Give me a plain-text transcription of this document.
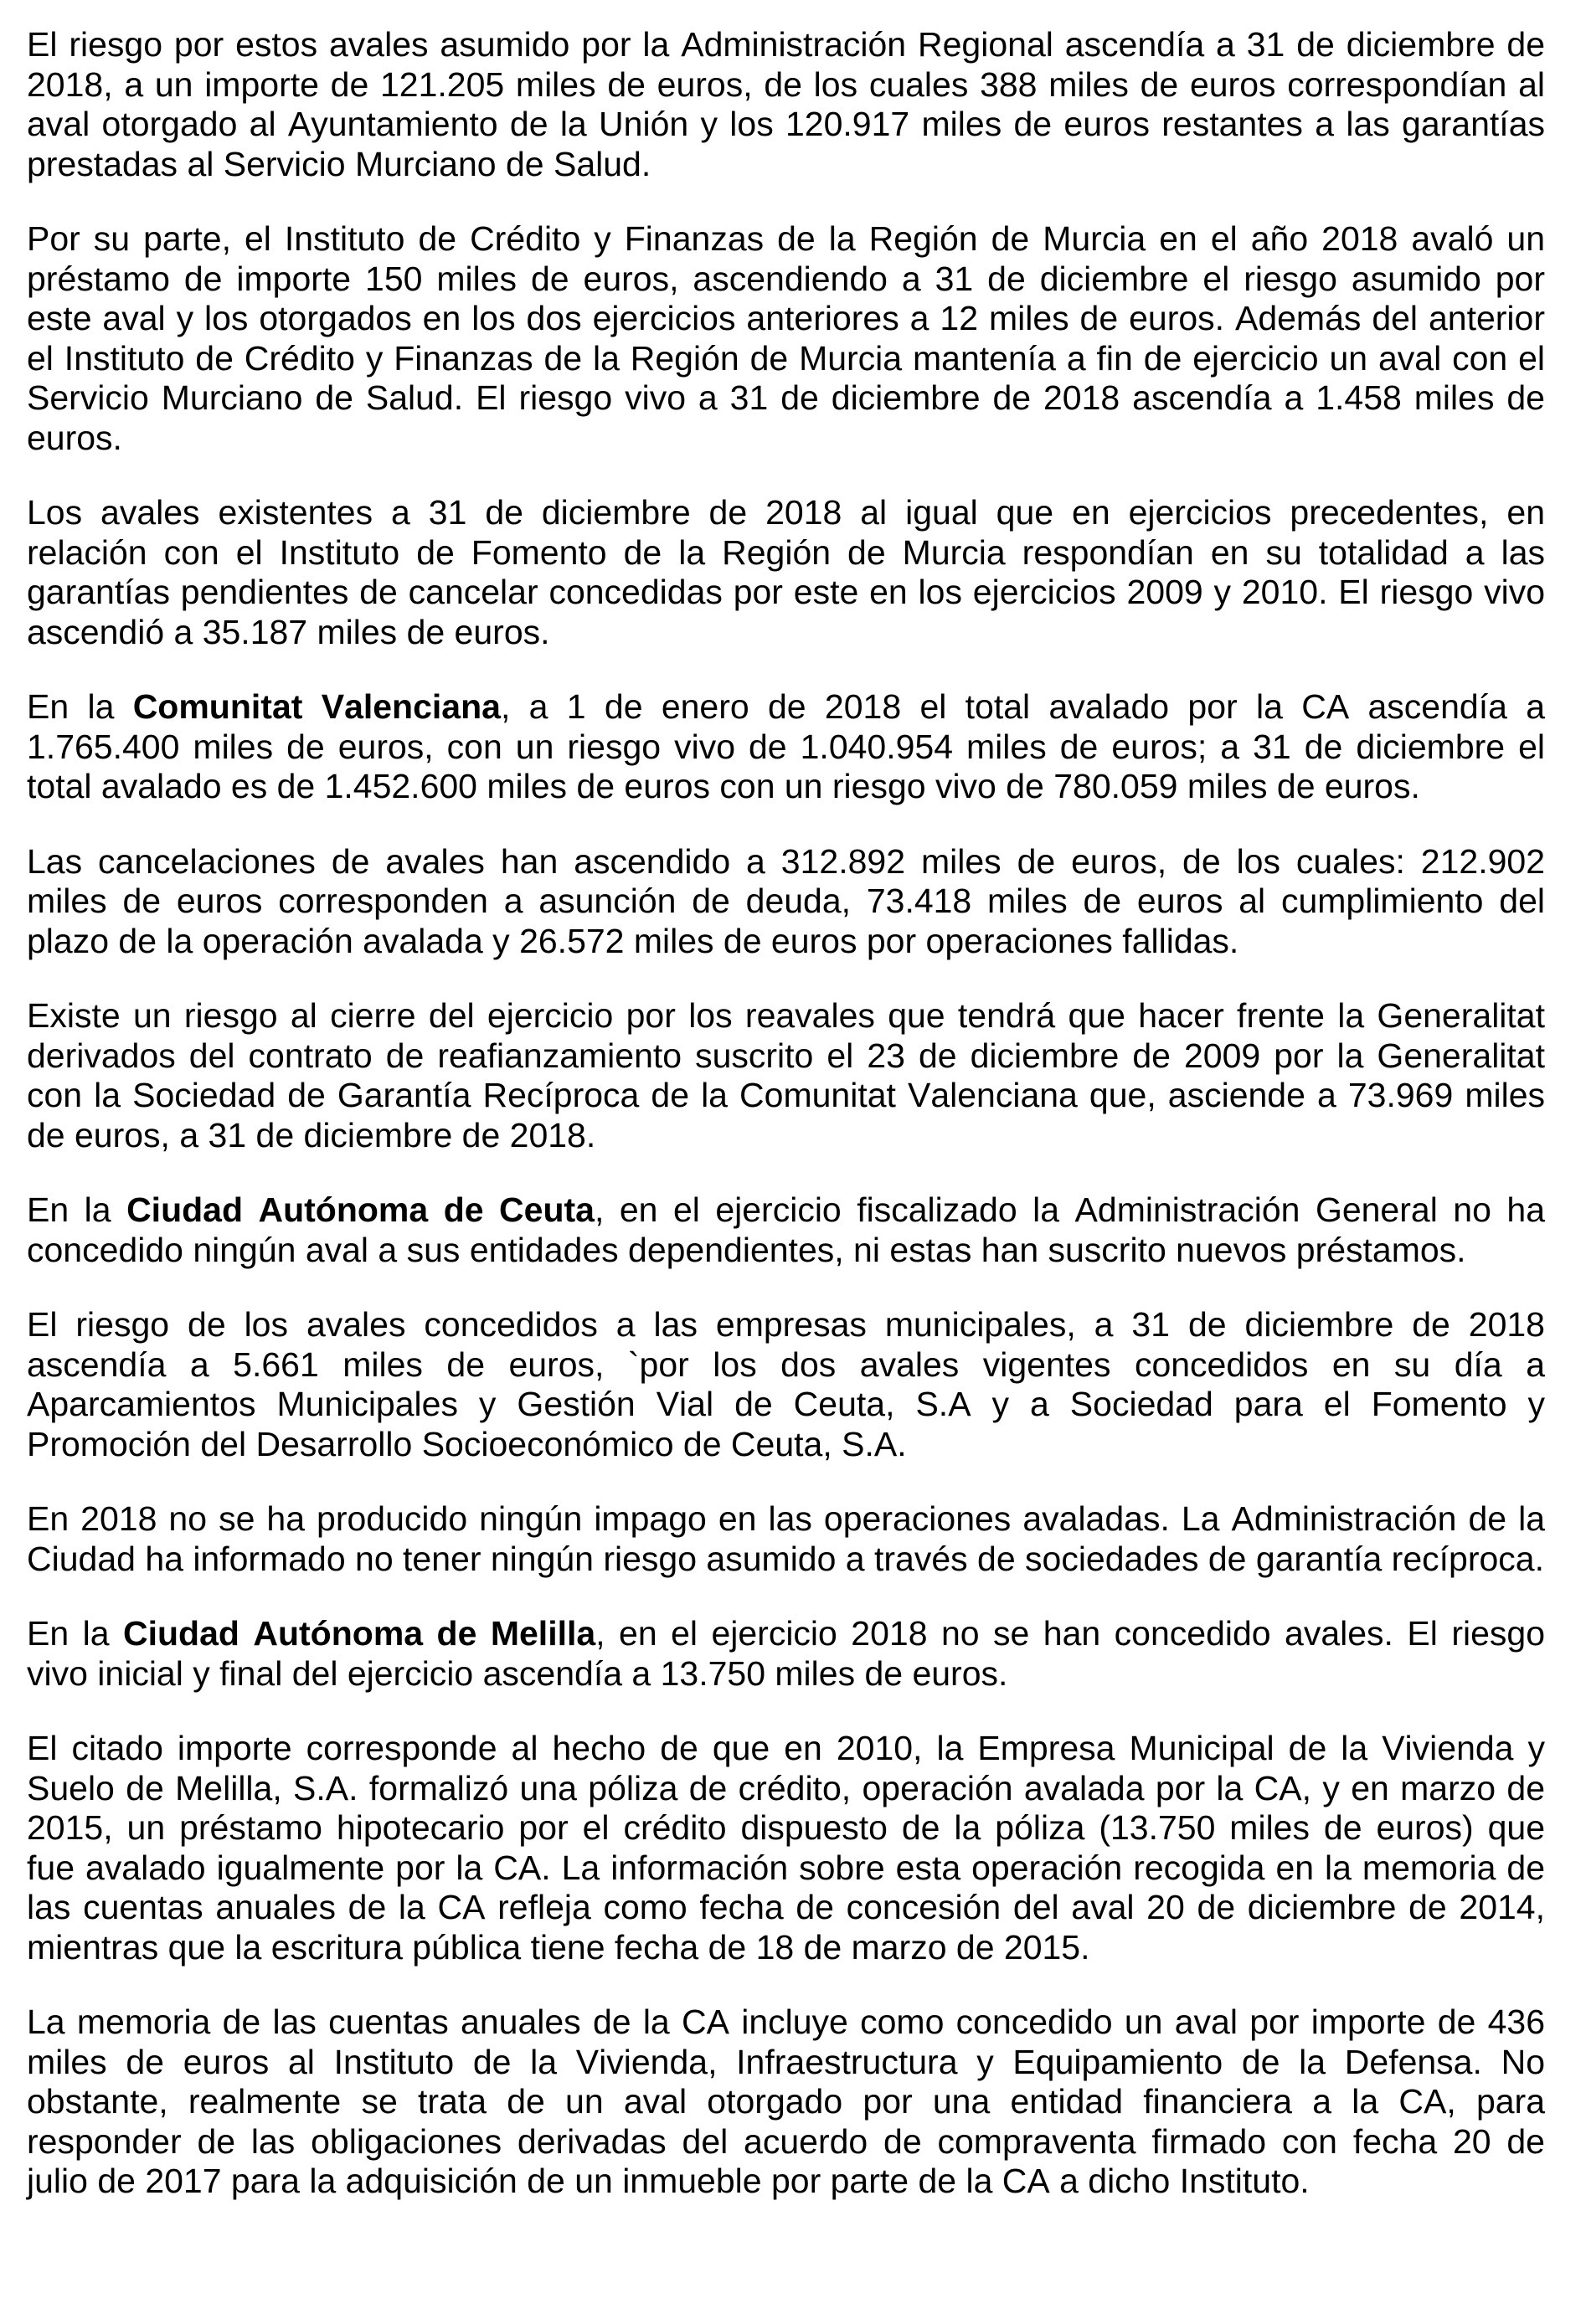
El riesgo por estos avales asumido por la Administración Regional ascendía a 31 de diciembre de
2018, a un importe de 121.205 miles de euros, de los cuales 388 miles de euros correspondían al
aval otorgado al Ayuntamiento de la Unión y los 120.917 miles de euros restantes a las garantías
prestadas al Servicio Murciano de Salud.
Por su parte, el Instituto de Crédito y Finanzas de la Región de Murcia en el año 2018 avaló un
préstamo de importe 150 miles de euros, ascendiendo a 31 de diciembre el riesgo asumido por
este aval y los otorgados en los dos ejercicios anteriores a 12 miles de euros. Además del anterior
el Instituto de Crédito y Finanzas de la Región de Murcia mantenía a fin de ejercicio un aval con el
Servicio Murciano de Salud. El riesgo vivo a 31 de diciembre de 2018 ascendía a 1.458 miles de
euros.
Los avales existentes a 31 de diciembre de 2018 al igual que en ejercicios precedentes, en
relación con el Instituto de Fomento de la Región de Murcia respondían en su totalidad a las
garantías pendientes de cancelar concedidas por este en los ejercicios 2009 y 2010. El riesgo vivo
ascendió a 35.187 miles de euros.
En la Comunitat Valenciana, a 1 de enero de 2018 el total avalado por la CA ascendía a
1.765.400 miles de euros, con un riesgo vivo de 1.040.954 miles de euros; a 31 de diciembre el
total avalado es de 1.452.600 miles de euros con un riesgo vivo de 780.059 miles de euros.
Las cancelaciones de avales han ascendido a 312.892 miles de euros, de los cuales: 212.902
miles de euros corresponden a asunción de deuda, 73.418 miles de euros al cumplimiento del
plazo de la operación avalada y 26.572 miles de euros por operaciones fallidas.
Existe un riesgo al cierre del ejercicio por los reavales que tendrá que hacer frente la Generalitat
derivados del contrato de reafianzamiento suscrito el 23 de diciembre de 2009 por la Generalitat
con la Sociedad de Garantía Recíproca de la Comunitat Valenciana que, asciende a 73.969 miles
de euros, a 31 de diciembre de 2018.
En la Ciudad Autónoma de Ceuta, en el ejercicio fiscalizado la Administración General no ha
concedido ningún aval a sus entidades dependientes, ni estas han suscrito nuevos préstamos.
El riesgo de los avales concedidos a las empresas municipales, a 31 de diciembre de 2018
ascendía a 5.661 miles de euros, `por los dos avales vigentes concedidos en su día a
Aparcamientos Municipales y Gestión Vial de Ceuta, S.A y a Sociedad para el Fomento y
Promoción del Desarrollo Socioeconómico de Ceuta, S.A.
En 2018 no se ha producido ningún impago en las operaciones avaladas. La Administración de la
Ciudad ha informado no tener ningún riesgo asumido a través de sociedades de garantía recíproca.
En la Ciudad Autónoma de Melilla, en el ejercicio 2018 no se han concedido avales. El riesgo
vivo inicial y final del ejercicio ascendía a 13.750 miles de euros.
El citado importe corresponde al hecho de que en 2010, la Empresa Municipal de la Vivienda y
Suelo de Melilla, S.A. formalizó una póliza de crédito, operación avalada por la CA, y en marzo de
2015, un préstamo hipotecario por el crédito dispuesto de la póliza (13.750 miles de euros) que
fue avalado igualmente por la CA. La información sobre esta operación recogida en la memoria de
las cuentas anuales de la CA refleja como fecha de concesión del aval 20 de diciembre de 2014,
mientras que la escritura pública tiene fecha de 18 de marzo de 2015.
La memoria de las cuentas anuales de la CA incluye como concedido un aval por importe de 436
miles de euros al Instituto de la Vivienda, Infraestructura y Equipamiento de la Defensa. No
obstante, realmente se trata de un aval otorgado por una entidad financiera a la CA, para
responder de las obligaciones derivadas del acuerdo de compraventa firmado con fecha 20 de
julio de 2017 para la adquisición de un inmueble por parte de la CA a dicho Instituto.
